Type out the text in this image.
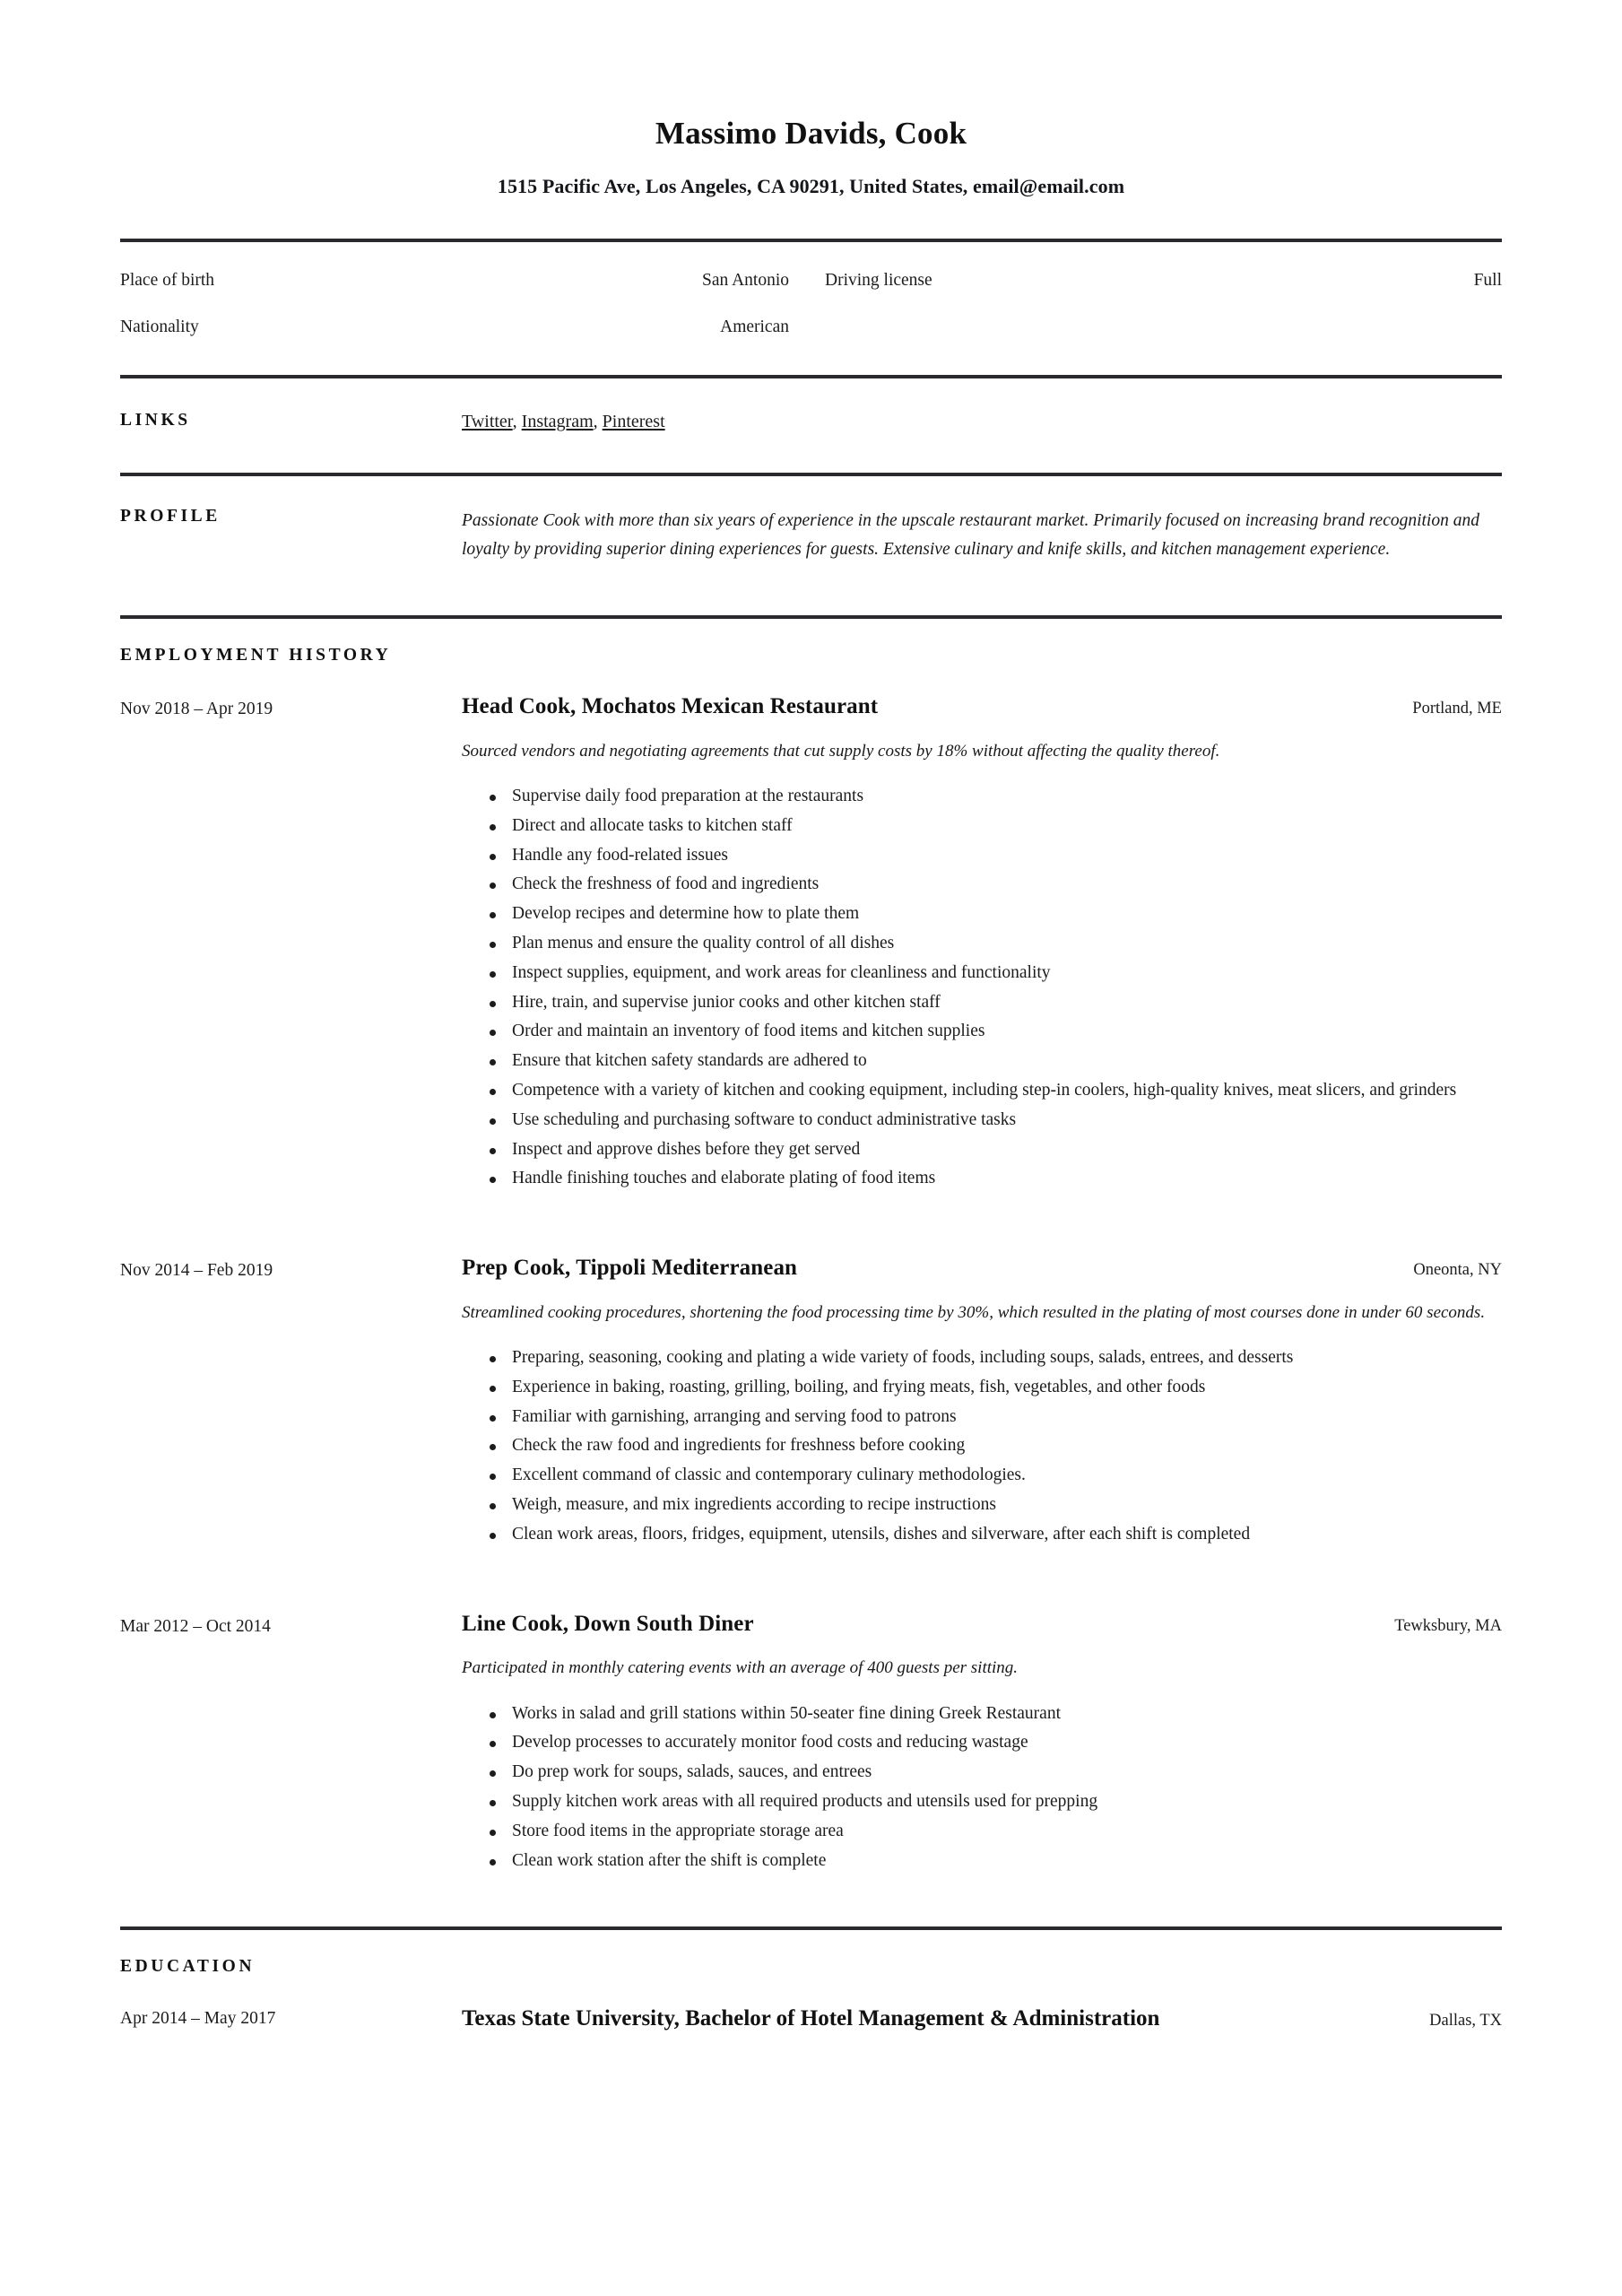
Massimo Davids, Cook
1515 Pacific Ave, Los Angeles, CA 90291, United States, email@email.com
Place of birth	San Antonio	Driving license	Full
Nationality	American
LINKS	Twitter, Instagram, Pinterest
PROFILE	Passionate Cook with more than six years of experience in the upscale restaurant market. Primarily focused on increasing brand recognition and loyalty by providing superior dining experiences for guests. Extensive culinary and knife skills, and kitchen management experience.
EMPLOYMENT HISTORY
Nov 2018 – Apr 2019	Head Cook, Mochatos Mexican Restaurant	Portland, ME
Sourced vendors and negotiating agreements that cut supply costs by 18% without affecting the quality thereof.
Supervise daily food preparation at the restaurants
Direct and allocate tasks to kitchen staff
Handle any food-related issues
Check the freshness of food and ingredients
Develop recipes and determine how to plate them
Plan menus and ensure the quality control of all dishes
Inspect supplies, equipment, and work areas for cleanliness and functionality
Hire, train, and supervise junior cooks and other kitchen staff
Order and maintain an inventory of food items and kitchen supplies
Ensure that kitchen safety standards are adhered to
Competence with a variety of kitchen and cooking equipment, including step-in coolers, high-quality knives, meat slicers, and grinders
Use scheduling and purchasing software to conduct administrative tasks
Inspect and approve dishes before they get served
Handle finishing touches and elaborate plating of food items
Nov 2014 – Feb 2019	Prep Cook, Tippoli Mediterranean	Oneonta, NY
Streamlined cooking procedures, shortening the food processing time by 30%, which resulted in the plating of most courses done in under 60 seconds.
Preparing, seasoning, cooking and plating a wide variety of foods, including soups, salads, entrees, and desserts
Experience in baking, roasting, grilling, boiling, and frying meats, fish, vegetables, and other foods
Familiar with garnishing, arranging and serving food to patrons
Check the raw food and ingredients for freshness before cooking
Excellent command of classic and contemporary culinary methodologies.
Weigh, measure, and mix ingredients according to recipe instructions
Clean work areas, floors, fridges, equipment, utensils, dishes and silverware, after each shift is completed
Mar 2012 – Oct 2014	Line Cook, Down South Diner	Tewksbury, MA
Participated in monthly catering events with an average of 400 guests per sitting.
Works in salad and grill stations within 50-seater fine dining Greek Restaurant
Develop processes to accurately monitor food costs and reducing wastage
Do prep work for soups, salads, sauces, and entrees
Supply kitchen work areas with all required products and utensils used for prepping
Store food items in the appropriate storage area
Clean work station after the shift is complete
EDUCATION
Apr 2014 – May 2017	Texas State University, Bachelor of Hotel Management & Administration	Dallas, TX
